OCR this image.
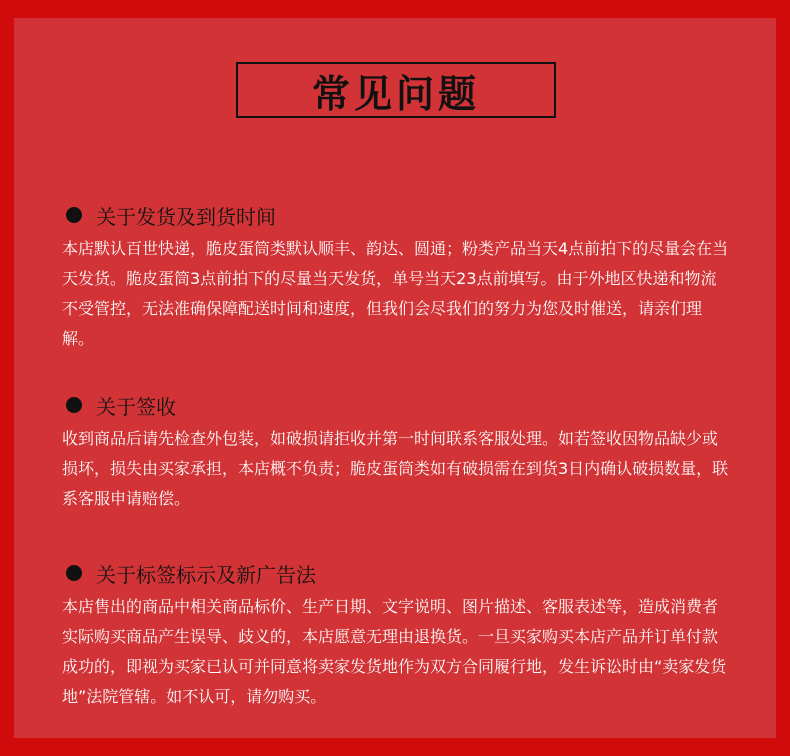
常见问题
关于发货及到货时间
本店默认百世快递，脆皮蛋筒类默认顺丰、韵达、圆通；粉类产品当天4点前拍下的尽量会在当天发货。脆皮蛋筒3点前拍下的尽量当天发货，单号当天23点前填写。由于外地区快递和物流不受管控，无法准确保障配送时间和速度，但我们会尽我们的努力为您及时催送，请亲们理解。
关于签收
收到商品后请先检查外包装，如破损请拒收并第一时间联系客服处理。如若签收因物品缺少或损坏，损失由买家承担，本店概不负责；脆皮蛋筒类如有破损需在到货3日内确认破损数量，联系客服申请赔偿。
关于标签标示及新广告法
本店售出的商品中相关商品标价、生产日期、文字说明、图片描述、客服表述等，造成消费者实际购买商品产生误导、歧义的，本店愿意无理由退换货。一旦买家购买本店产品并订单付款成功的，即视为买家已认可并同意将卖家发货地作为双方合同履行地，发生诉讼时由“卖家发货地”法院管辖。如不认可，请勿购买。
